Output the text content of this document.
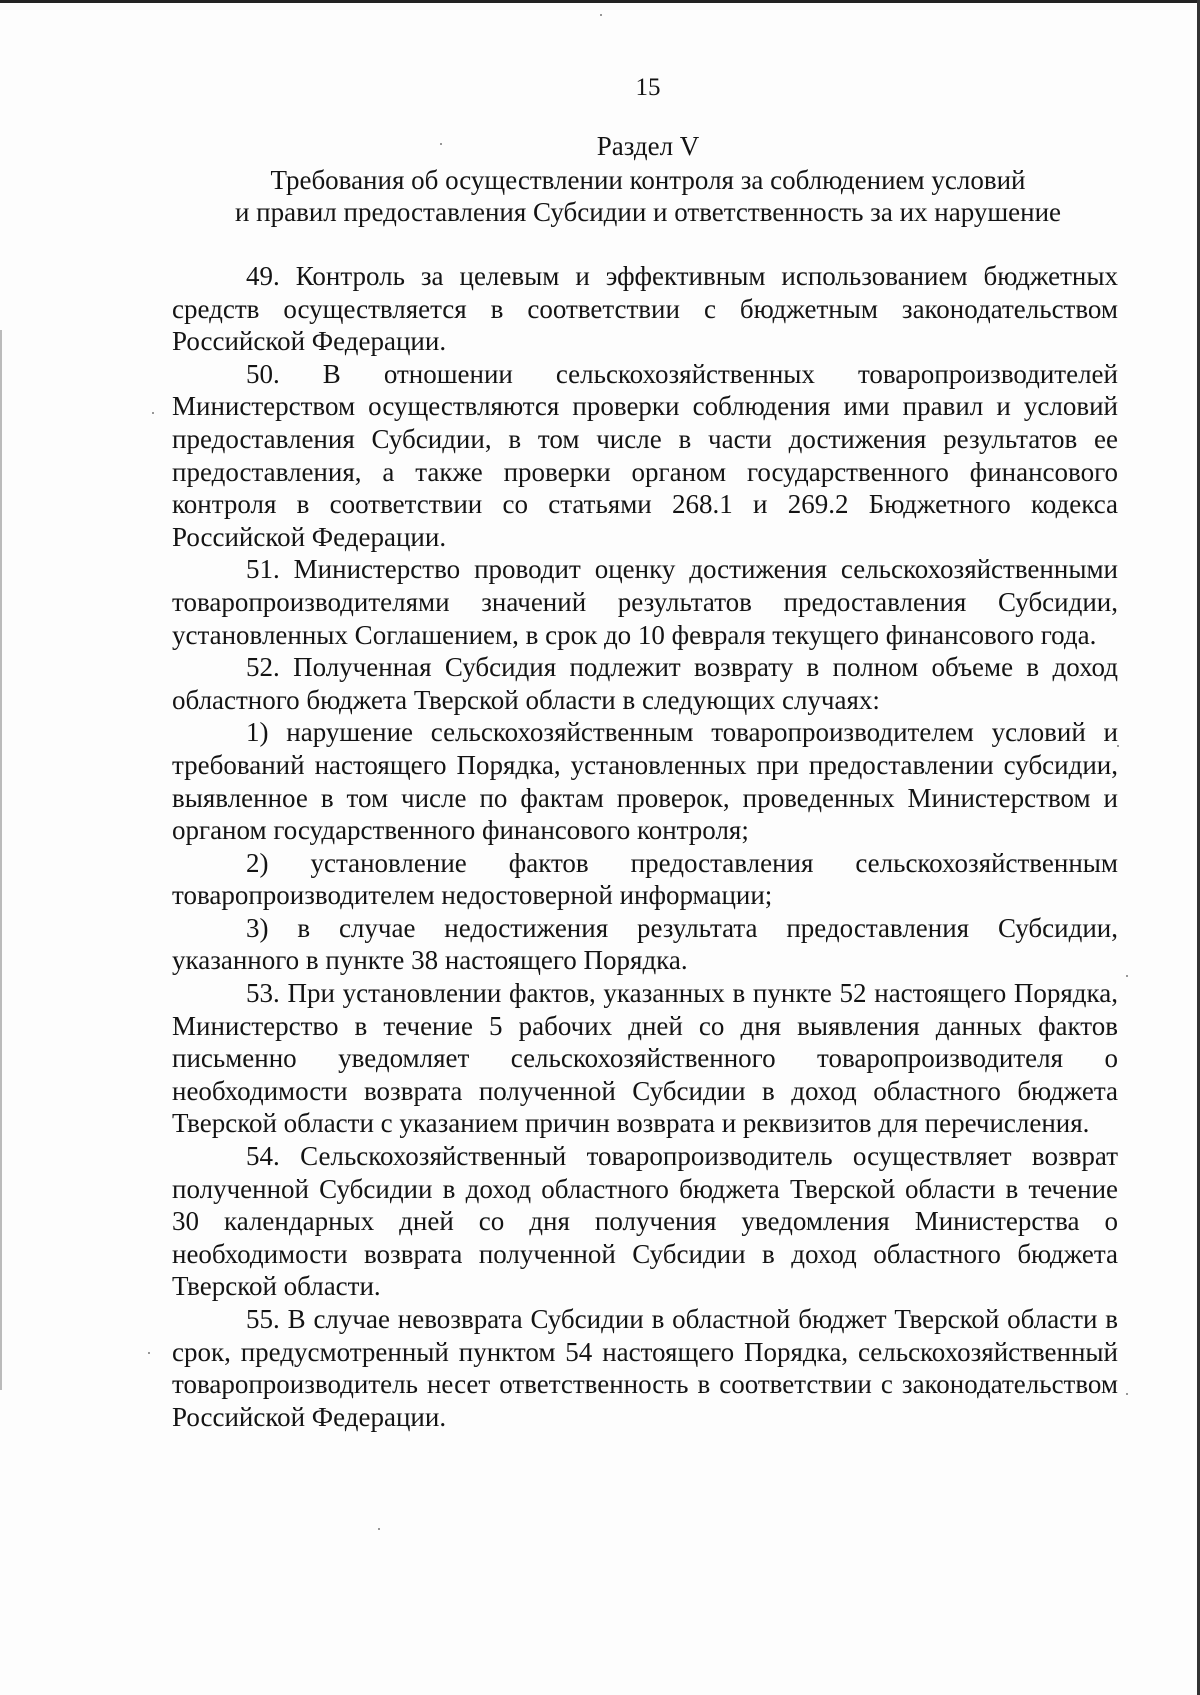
15
Раздел V
Требования об осуществлении контроля за соблюдением условий
и правил предоставления Субсидии и ответственность за их нарушение

49. Контроль за целевым и эффективным использованием бюджетных средств осуществляется в соответствии с бюджетным законодательством Российской Федерации.

50. В отношении сельскохозяйственных товаропроизводителей Министерством осуществляются проверки соблюдения ими правил и условий предоставления Субсидии, в том числе в части достижения результатов ее предоставления, а также проверки органом государственного финансового контроля в соответствии со статьями 268.1 и 269.2 Бюджетного кодекса Российской Федерации.

51. Министерство проводит оценку достижения сельскохозяйственными товаропроизводителями значений результатов предоставления Субсидии, установленных Соглашением, в срок до 10 февраля текущего финансового года.

52. Полученная Субсидия подлежит возврату в полном объеме в доход областного бюджета Тверской области в следующих случаях:

1) нарушение сельскохозяйственным товаропроизводителем условий и требований настоящего Порядка, установленных при предоставлении субсидии, выявленное в том числе по фактам проверок, проведенных Министерством и органом государственного финансового контроля;

2) установление фактов предоставления сельскохозяйственным товаропроизводителем недостоверной информации;

3) в случае недостижения результата предоставления Субсидии, указанного в пункте 38 настоящего Порядка.

53. При установлении фактов, указанных в пункте 52 настоящего Порядка, Министерство в течение 5 рабочих дней со дня выявления данных фактов письменно уведомляет сельскохозяйственного товаропроизводителя о необходимости возврата полученной Субсидии в доход областного бюджета Тверской области с указанием причин возврата и реквизитов для перечисления.

54. Сельскохозяйственный товаропроизводитель осуществляет возврат полученной Субсидии в доход областного бюджета Тверской области в течение 30 календарных дней со дня получения уведомления Министерства о необходимости возврата полученной Субсидии в доход областного бюджета Тверской области.

55. В случае невозврата Субсидии в областной бюджет Тверской области в срок, предусмотренный пунктом 54 настоящего Порядка, сельскохозяйственный товаропроизводитель несет ответственность в соответствии с законодательством Российской Федерации.
